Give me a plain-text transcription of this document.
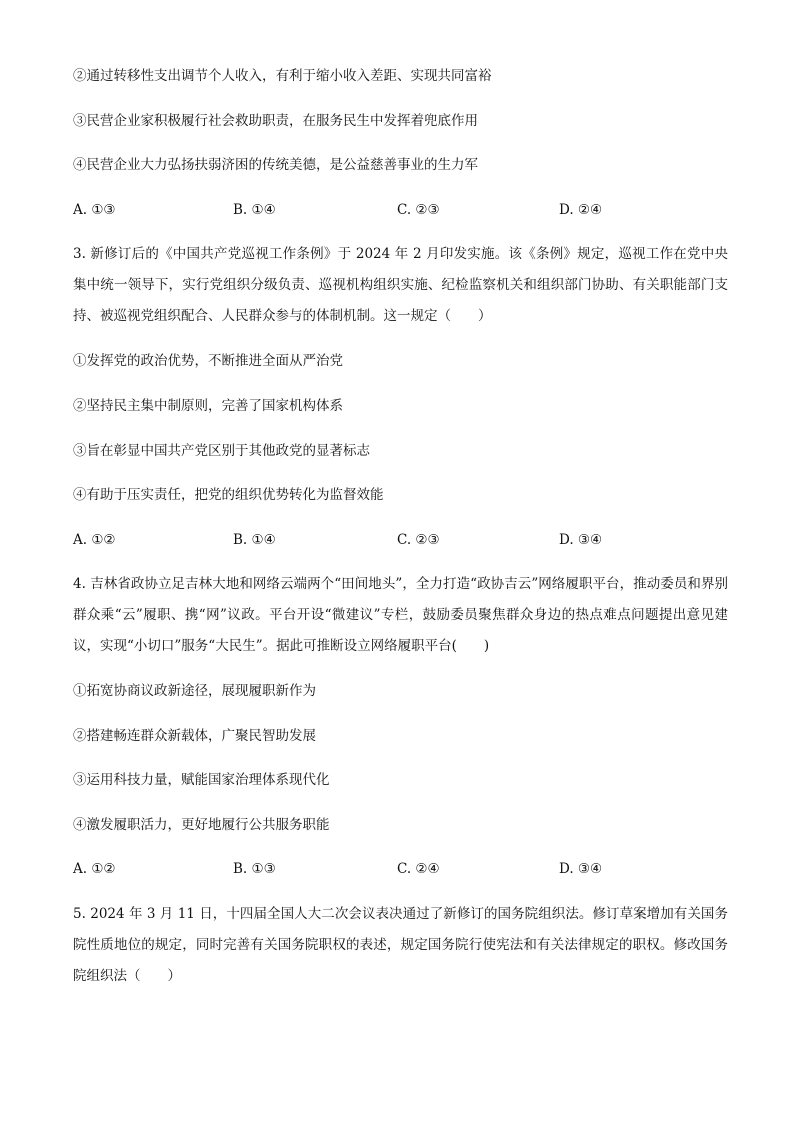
②通过转移性支出调节个人收入，有利于缩小收入差距、实现共同富裕
③民营企业家积极履行社会救助职责，在服务民生中发挥着兜底作用
④民营企业大力弘扬扶弱济困的传统美德，是公益慈善事业的生力军
A. ①③	B. ①④	C. ②③	D. ②④
3. 新修订后的《中国共产党巡视工作条例》于 2024 年 2 月印发实施。该《条例》规定，巡视工作在党中央集中统一领导下，实行党组织分级负责、巡视机构组织实施、纪检监察机关和组织部门协助、有关职能部门支持、被巡视党组织配合、人民群众参与的体制机制。这一规定（　　）
①发挥党的政治优势，不断推进全面从严治党
②坚持民主集中制原则，完善了国家机构体系
③旨在彰显中国共产党区别于其他政党的显著标志
④有助于压实责任，把党的组织优势转化为监督效能
A. ①②	B. ①④	C. ②③	D. ③④
4. 吉林省政协立足吉林大地和网络云端两个“田间地头”，全力打造“政协吉云”网络履职平台，推动委员和界别群众乘“云”履职、携“网”议政。平台开设“微建议”专栏，鼓励委员聚焦群众身边的热点难点问题提出意见建议，实现“小切口”服务“大民生”。据此可推断设立网络履职平台(　　)
①拓宽协商议政新途径，展现履职新作为
②搭建畅连群众新载体，广聚民智助发展
③运用科技力量，赋能国家治理体系现代化
④激发履职活力，更好地履行公共服务职能
A. ①②	B. ①③	C. ②④	D. ③④
5. 2024 年 3 月 11 日，十四届全国人大二次会议表决通过了新修订的国务院组织法。修订草案增加有关国务院性质地位的规定，同时完善有关国务院职权的表述，规定国务院行使宪法和有关法律规定的职权。修改国务院组织法（　　）
